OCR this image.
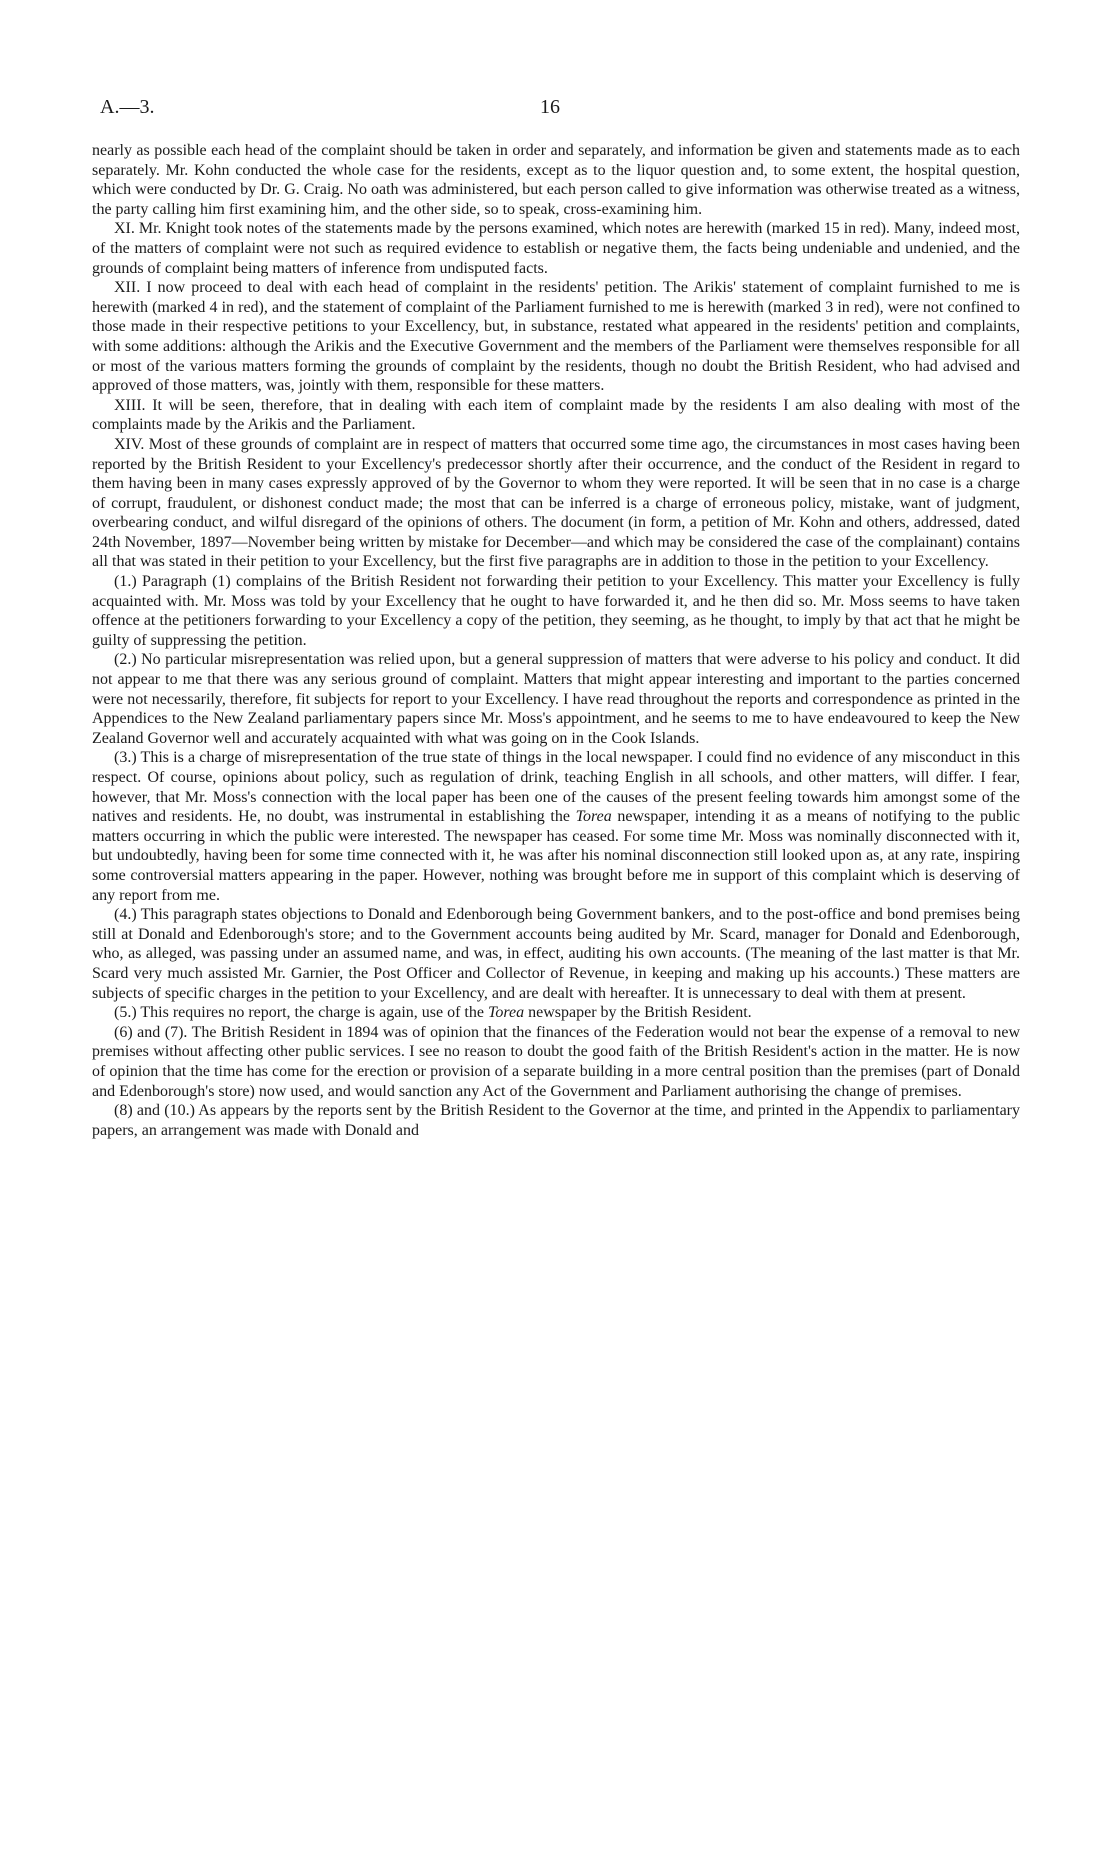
A.—3.	16

nearly as possible each head of the complaint should be taken in order and separately, and information be given and statements made as to each separately. Mr. Kohn conducted the whole case for the residents, except as to the liquor question and, to some extent, the hospital question, which were conducted by Dr. G. Craig. No oath was administered, but each person called to give information was otherwise treated as a witness, the party calling him first examining him, and the other side, so to speak, cross-examining him.

XI. Mr. Knight took notes of the statements made by the persons examined, which notes are herewith (marked 15 in red). Many, indeed most, of the matters of complaint were not such as required evidence to establish or negative them, the facts being undeniable and undenied, and the grounds of complaint being matters of inference from undisputed facts.

XII. I now proceed to deal with each head of complaint in the residents' petition. The Arikis' statement of complaint furnished to me is herewith (marked 4 in red), and the statement of complaint of the Parliament furnished to me is herewith (marked 3 in red), were not confined to those made in their respective petitions to your Excellency, but, in substance, restated what appeared in the residents' petition and complaints, with some additions: although the Arikis and the Executive Government and the members of the Parliament were themselves responsible for all or most of the various matters forming the grounds of complaint by the residents, though no doubt the British Resident, who had advised and approved of those matters, was, jointly with them, responsible for these matters.

XIII. It will be seen, therefore, that in dealing with each item of complaint made by the residents I am also dealing with most of the complaints made by the Arikis and the Parliament.

XIV. Most of these grounds of complaint are in respect of matters that occurred some time ago, the circumstances in most cases having been reported by the British Resident to your Excellency's predecessor shortly after their occurrence, and the conduct of the Resident in regard to them having been in many cases expressly approved of by the Governor to whom they were reported. It will be seen that in no case is a charge of corrupt, fraudulent, or dishonest conduct made; the most that can be inferred is a charge of erroneous policy, mistake, want of judgment, overbearing conduct, and wilful disregard of the opinions of others. The document (in form, a petition of Mr. Kohn and others, addressed, dated 24th November, 1897—November being written by mistake for December—and which may be considered the case of the complainant) contains all that was stated in their petition to your Excellency, but the first five paragraphs are in addition to those in the petition to your Excellency.

(1.) Paragraph (1) complains of the British Resident not forwarding their petition to your Excellency. This matter your Excellency is fully acquainted with. Mr. Moss was told by your Excellency that he ought to have forwarded it, and he then did so. Mr. Moss seems to have taken offence at the petitioners forwarding to your Excellency a copy of the petition, they seeming, as he thought, to imply by that act that he might be guilty of suppressing the petition.

(2.) No particular misrepresentation was relied upon, but a general suppression of matters that were adverse to his policy and conduct. It did not appear to me that there was any serious ground of complaint. Matters that might appear interesting and important to the parties concerned were not necessarily, therefore, fit subjects for report to your Excellency. I have read throughout the reports and correspondence as printed in the Appendices to the New Zealand parliamentary papers since Mr. Moss's appointment, and he seems to me to have endeavoured to keep the New Zealand Governor well and accurately acquainted with what was going on in the Cook Islands.

(3.) This is a charge of misrepresentation of the true state of things in the local newspaper. I could find no evidence of any misconduct in this respect. Of course, opinions about policy, such as regulation of drink, teaching English in all schools, and other matters, will differ. I fear, however, that Mr. Moss's connection with the local paper has been one of the causes of the present feeling towards him amongst some of the natives and residents. He, no doubt, was instrumental in establishing the Torea newspaper, intending it as a means of notifying to the public matters occurring in which the public were interested. The newspaper has ceased. For some time Mr. Moss was nominally disconnected with it, but undoubtedly, having been for some time connected with it, he was after his nominal disconnection still looked upon as, at any rate, inspiring some controversial matters appearing in the paper. However, nothing was brought before me in support of this complaint which is deserving of any report from me.

(4.) This paragraph states objections to Donald and Edenborough being Government bankers, and to the post-office and bond premises being still at Donald and Edenborough's store; and to the Government accounts being audited by Mr. Scard, manager for Donald and Edenborough, who, as alleged, was passing under an assumed name, and was, in effect, auditing his own accounts. (The meaning of the last matter is that Mr. Scard very much assisted Mr. Garnier, the Post Officer and Collector of Revenue, in keeping and making up his accounts.) These matters are subjects of specific charges in the petition to your Excellency, and are dealt with hereafter. It is unnecessary to deal with them at present.

(5.) This requires no report, the charge is again, use of the Torea newspaper by the British Resident.

(6) and (7). The British Resident in 1894 was of opinion that the finances of the Federation would not bear the expense of a removal to new premises without affecting other public services. I see no reason to doubt the good faith of the British Resident's action in the matter. He is now of opinion that the time has come for the erection or provision of a separate building in a more central position than the premises (part of Donald and Edenborough's store) now used, and would sanction any Act of the Government and Parliament authorising the change of premises.

(8) and (10.) As appears by the reports sent by the British Resident to the Governor at the time, and printed in the Appendix to parliamentary papers, an arrangement was made with Donald and
